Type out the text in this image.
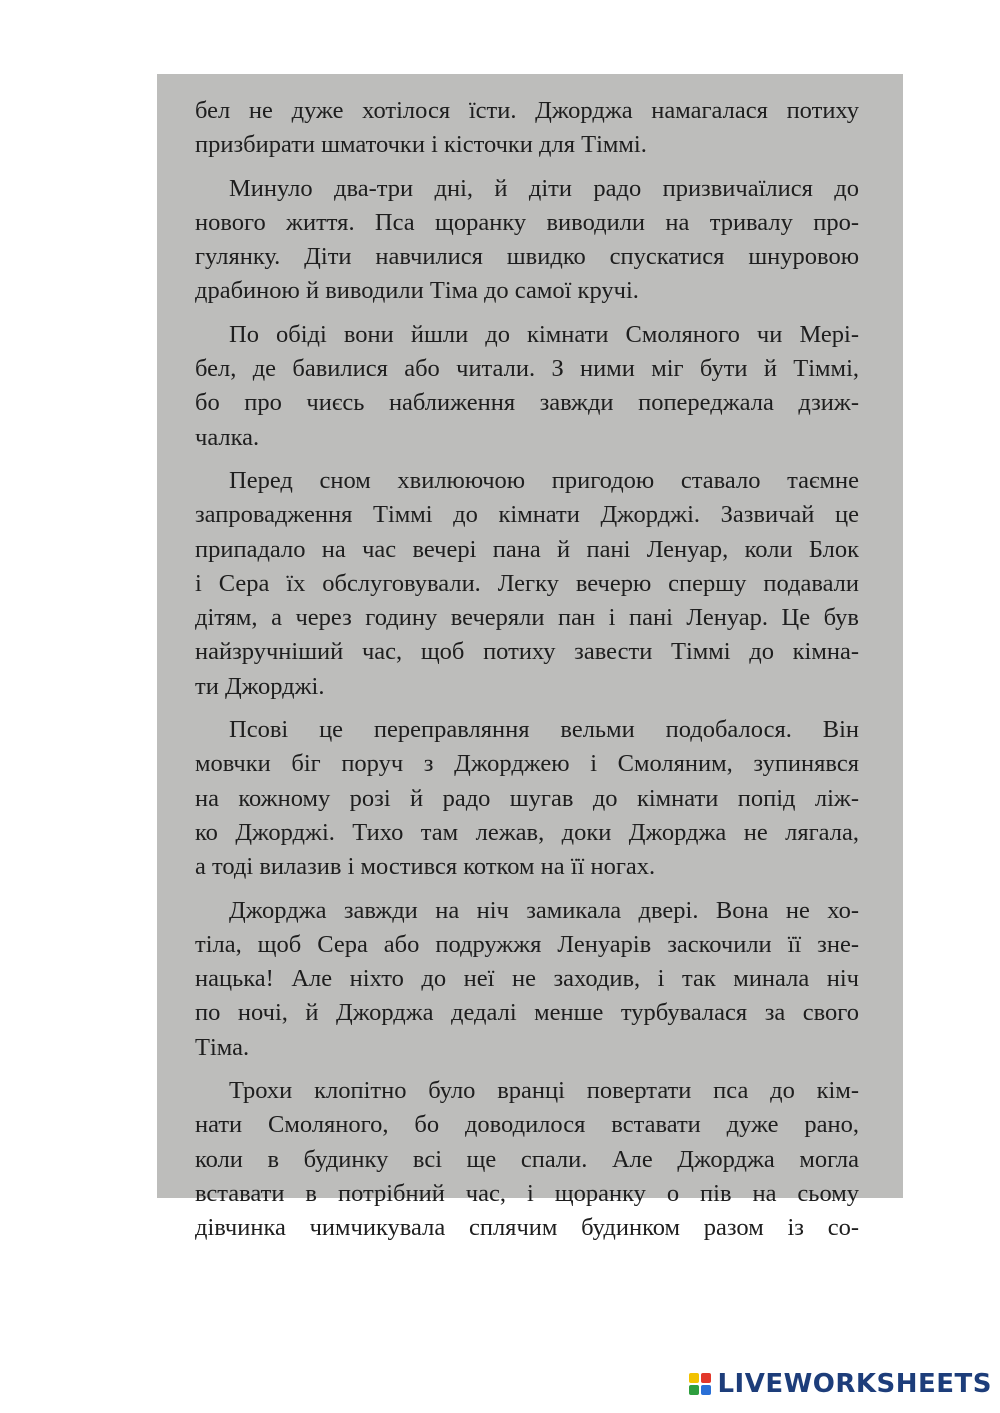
бел не дуже хотілося їсти. Джорджа намагалася потиху
призбирати шматочки і кісточки для Тіммі.
Минуло два-три дні, й діти радо призвичаїлися до
нового життя. Пса щоранку виводили на тривалу про-
гулянку. Діти навчилися швидко спускатися шнуровою
драбиною й виводили Тіма до самої кручі.
По обіді вони йшли до кімнати Смоляного чи Мері-
бел, де бавилися або читали. З ними міг бути й Тіммі,
бо про чиєсь наближення завжди попереджала дзиж-
чалка.
Перед сном хвилюючою пригодою ставало таємне
запровадження Тіммі до кімнати Джорджі. Зазвичай це
припадало на час вечері пана й пані Ленуар, коли Блок
і Сера їх обслуговували. Легку вечерю спершу подавали
дітям, а через годину вечеряли пан і пані Ленуар. Це був
найзручніший час, щоб потиху завести Тіммі до кімна-
ти Джорджі.
Псові це переправляння вельми подобалося. Він
мовчки біг поруч з Джорджею і Смоляним, зупинявся
на кожному розі й радо шугав до кімнати попід ліж-
ко Джорджі. Тихо там лежав, доки Джорджа не лягала,
а тоді вилазив і мостився котком на її ногах.
Джорджа завжди на ніч замикала двері. Вона не хо-
тіла, щоб Сера або подружжя Ленуарів заскочили її зне-
нацька! Але ніхто до неї не заходив, і так минала ніч
по ночі, й Джорджа дедалі менше турбувалася за свого
Тіма.
Трохи клопітно було вранці повертати пса до кім-
нати Смоляного, бо доводилося вставати дуже рано,
коли в будинку всі ще спали. Але Джорджа могла
вставати в потрібний час, і щоранку о пів на сьому
дівчинка чимчикувала сплячим будинком разом із со-
LIVEWORKSHEETS
